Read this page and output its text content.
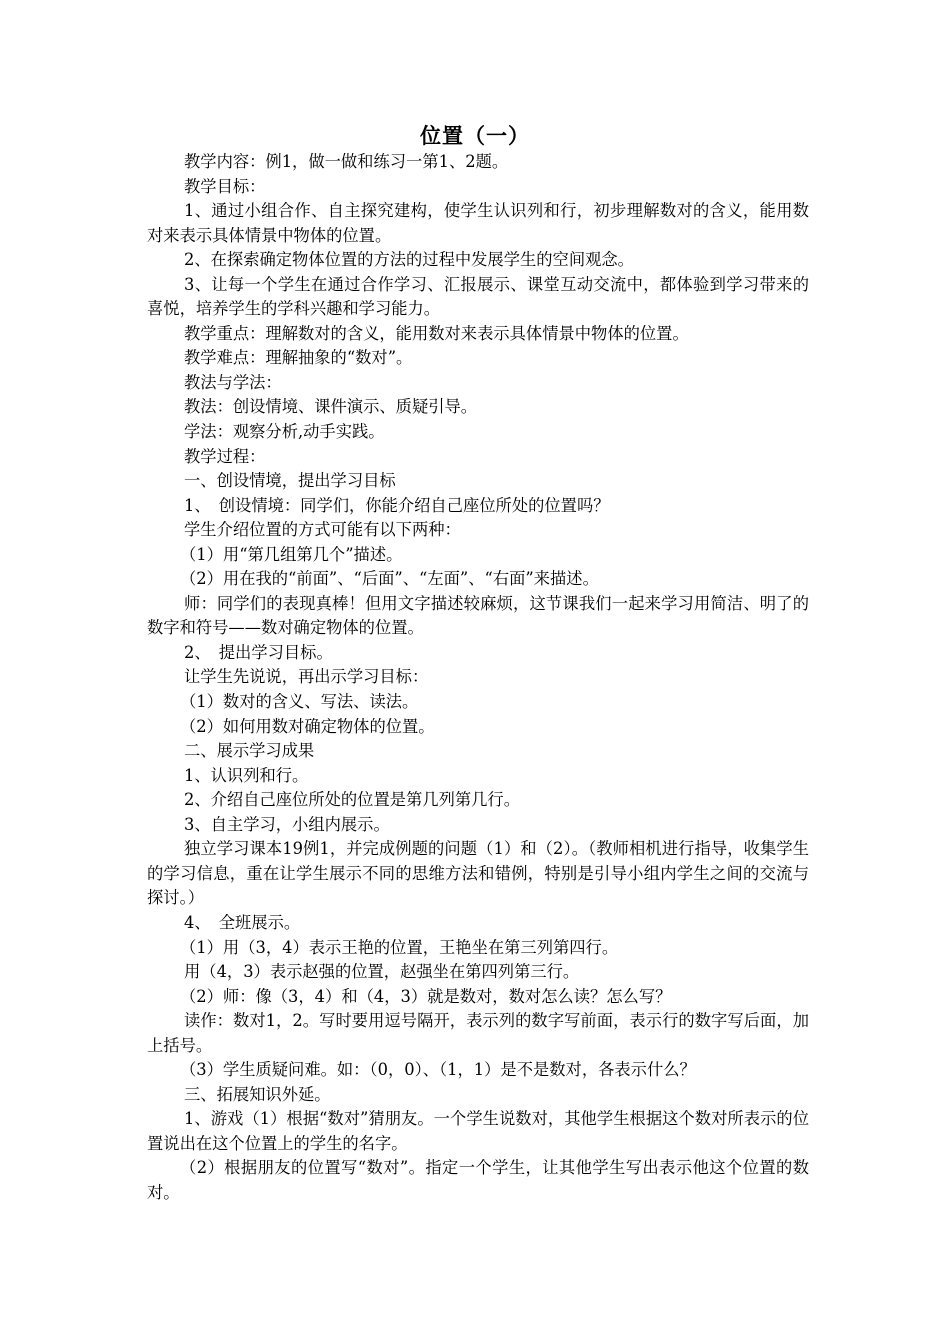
位置（一）

教学内容：例1，做一做和练习一第1、2题。

教学目标：

1、通过小组合作、自主探究建构，使学生认识列和行，初步理解数对的含义，能用数对来表示具体情景中物体的位置。

2、在探索确定物体位置的方法的过程中发展学生的空间观念。

3、让每一个学生在通过合作学习、汇报展示、课堂互动交流中，都体验到学习带来的喜悦，培养学生的学科兴趣和学习能力。

教学重点：理解数对的含义，能用数对来表示具体情景中物体的位置。

教学难点：理解抽象的“数对”。

教法与学法：

教法：创设情境、课件演示、质疑引导。

学法：观察分析,动手实践。

教学过程：

一、创设情境，提出学习目标

1、　创设情境：同学们，你能介绍自己座位所处的位置吗？

学生介绍位置的方式可能有以下两种：

（1）用“第几组第几个”描述。

（2）用在我的“前面”、“后面”、“左面”、“右面”来描述。

师：同学们的表现真棒！但用文字描述较麻烦，这节课我们一起来学习用简洁、明了的数字和符号——数对确定物体的位置。

2、　提出学习目标。

让学生先说说，再出示学习目标：

（1）数对的含义、写法、读法。

（2）如何用数对确定物体的位置。

二、展示学习成果

1、认识列和行。

2、介绍自己座位所处的位置是第几列第几行。

3、自主学习，小组内展示。

独立学习课本19例1，并完成例题的问题（1）和（2）。（教师相机进行指导，收集学生的学习信息，重在让学生展示不同的思维方法和错例，特别是引导小组内学生之间的交流与探讨。）

4、　全班展示。

（1）用（3，4）表示王艳的位置，王艳坐在第三列第四行。

用（4，3）表示赵强的位置，赵强坐在第四列第三行。

（2）师：像（3，4）和（4，3）就是数对，数对怎么读？怎么写？

读作：数对1，2。写时要用逗号隔开，表示列的数字写前面，表示行的数字写后面，加上括号。

（3）学生质疑问难。如：（0，0）、（1，1）是不是数对，各表示什么？

三、拓展知识外延。

1、游戏（1）根据“数对”猜朋友。一个学生说数对，其他学生根据这个数对所表示的位置说出在这个位置上的学生的名字。

（2）根据朋友的位置写“数对”。指定一个学生，让其他学生写出表示他这个位置的数对。
